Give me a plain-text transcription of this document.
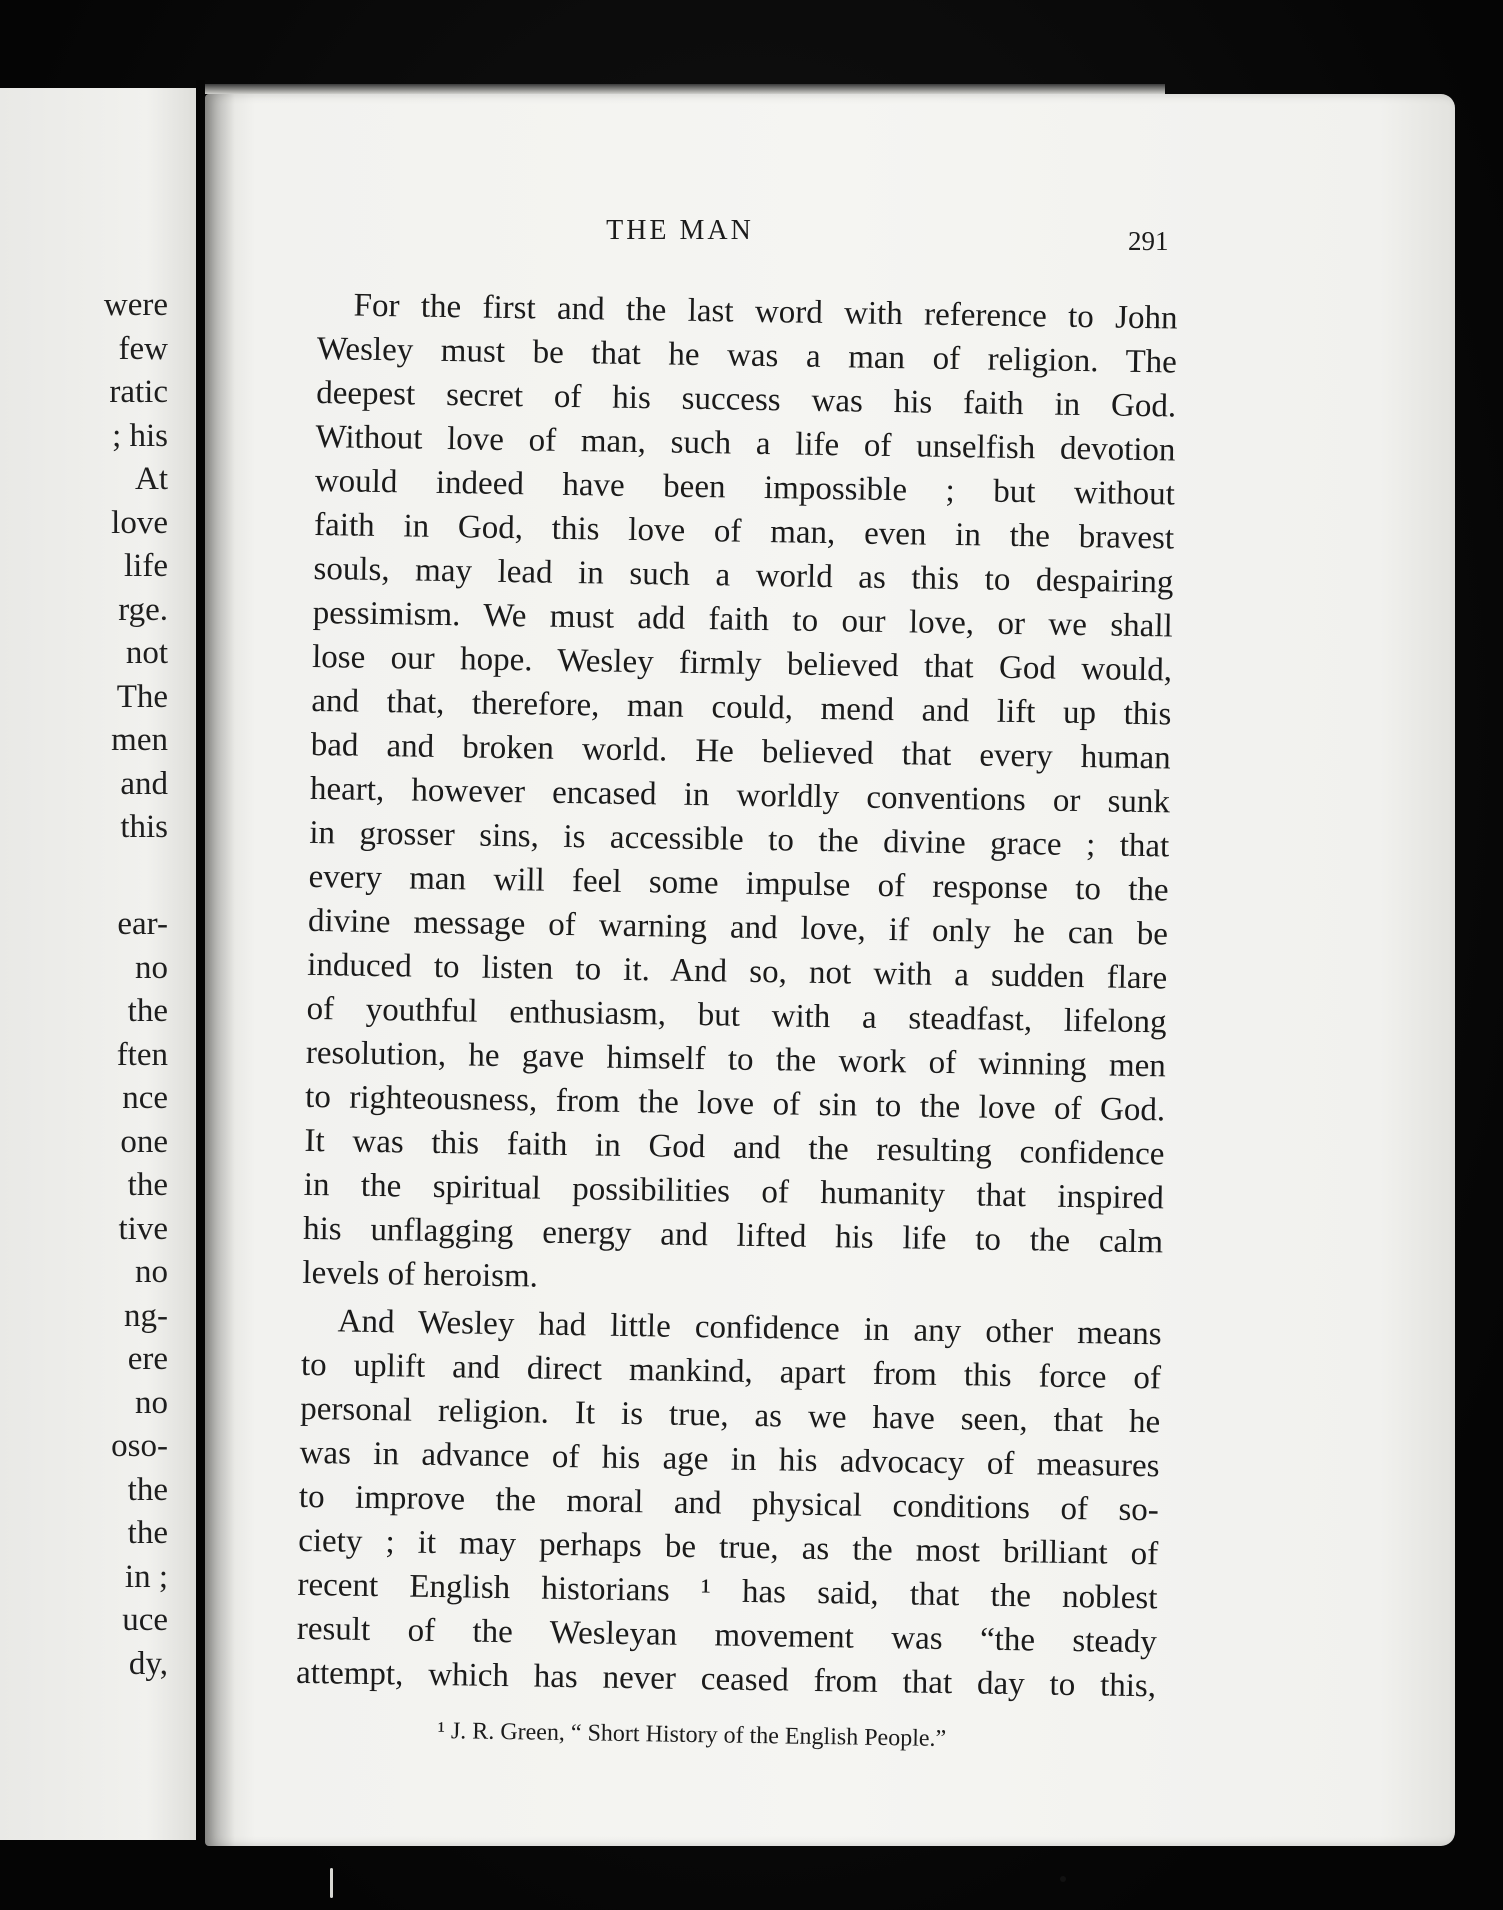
were
few
ratic
; his
At
love
life
rge.
not
The
men
and
this
ear-
no
the
ften
nce
one
the
tive
no
ng-
ere
no
oso-
the
the
in ;
uce
dy,
THE MAN	291
For the first and the last word with reference to John
Wesley must be that he was a man of religion. The
deepest secret of his success was his faith in God.
Without love of man, such a life of unselfish devotion
would indeed have been impossible ; but without
faith in God, this love of man, even in the bravest
souls, may lead in such a world as this to despairing
pessimism. We must add faith to our love, or we shall
lose our hope. Wesley firmly believed that God would,
and that, therefore, man could, mend and lift up this
bad and broken world. He believed that every human
heart, however encased in worldly conventions or sunk
in grosser sins, is accessible to the divine grace ; that
every man will feel some impulse of response to the
divine message of warning and love, if only he can be
induced to listen to it. And so, not with a sudden flare
of youthful enthusiasm, but with a steadfast, lifelong
resolution, he gave himself to the work of winning men
to righteousness, from the love of sin to the love of God.
It was this faith in God and the resulting confidence
in the spiritual possibilities of humanity that inspired
his unflagging energy and lifted his life to the calm
levels of heroism.
And Wesley had little confidence in any other means
to uplift and direct mankind, apart from this force of
personal religion. It is true, as we have seen, that he
was in advance of his age in his advocacy of measures
to improve the moral and physical conditions of so-
ciety ; it may perhaps be true, as the most brilliant of
recent English historians ¹ has said, that the noblest
result of the Wesleyan movement was “the steady
attempt, which has never ceased from that day to this,
¹ J. R. Green, “ Short History of the English People.”
